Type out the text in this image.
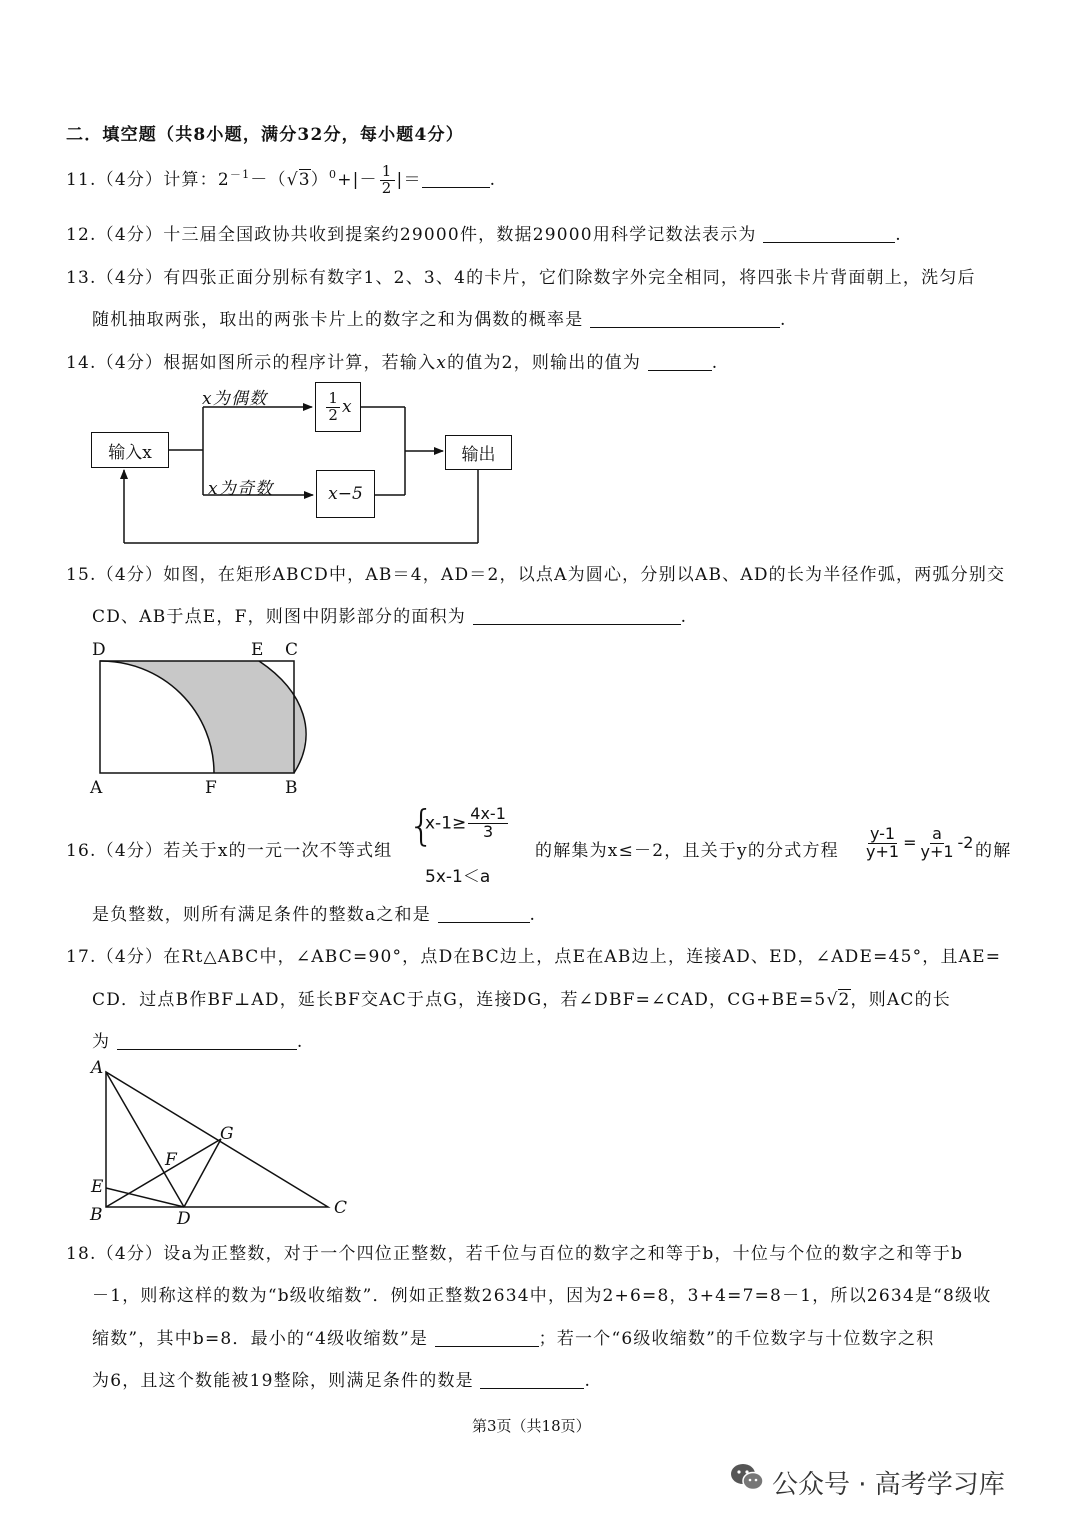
二．填空题（共8小题，满分32分，每小题4分）
11.（4分）计算：$2^{-1}-(√3)^0+|- \frac{1}{2}$ |＝	.
12.（4分）十三届全国政协共收到提案约29000件，数据29000用科学记数法表示为	.
13.（4分）有四张正面分别标有数字1、2、3、4的卡片，它们除数字外完全相同，将四张卡片背面朝上，洗匀后
随机抽取两张，取出的两张卡片上的数字之和为偶数的概率是	.
14.（4分）根据如图所示的程序计算，若输入x的值为2，则输出的值为	.
输入x
x为偶数
x为奇数
$\frac{1}{2}$ x
x−5
输出
15.（4分）如图，在矩形ABCD中，AB＝4，AD＝2，以点A为圆心，分别以AB、AD的长为半径作弧，两弧分别交
CD、AB于点E，F，则图中阴影部分的面积为	.
D	E C
A	F	B
16.（4分）若关于x的一元一次不等式组
{
$x-1\ge \frac{4x-1}{3}$
5x-1＜a
的解集为x≤－2，且关于y的分式方程 $\frac{y-1}{y+1} = \frac{a}{y+1} -2$ 的解
是负整数，则所有满足条件的整数a之和是	.
17.（4分）在Rt△ABC中，∠ABC=90°，点D在BC边上，点E在AB边上，连接AD、ED，∠ADE=45°，且AE=
CD．过点B作BF⊥AD，延长BF交AC于点G，连接DG，若∠DBF=∠CAD，CG+BE=5√2，则AC的长
为	.
A
G
F
E
B	D
C
18.（4分）设a为正整数，对于一个四位正整数，若千位与百位的数字之和等于b，十位与个位的数字之和等于b
－1，则称这样的数为“b级收缩数”．例如正整数2634中，因为2+6=8，3+4=7=8－1，所以2634是“8级收
缩数”，其中b=8．最小的“4级收缩数”是	；若一个“6级收缩数”的千位数字与十位数字之积
为6，且这个数能被19整除，则满足条件的数是	.
第3页（共18页）
公众号 · 高考学习库
